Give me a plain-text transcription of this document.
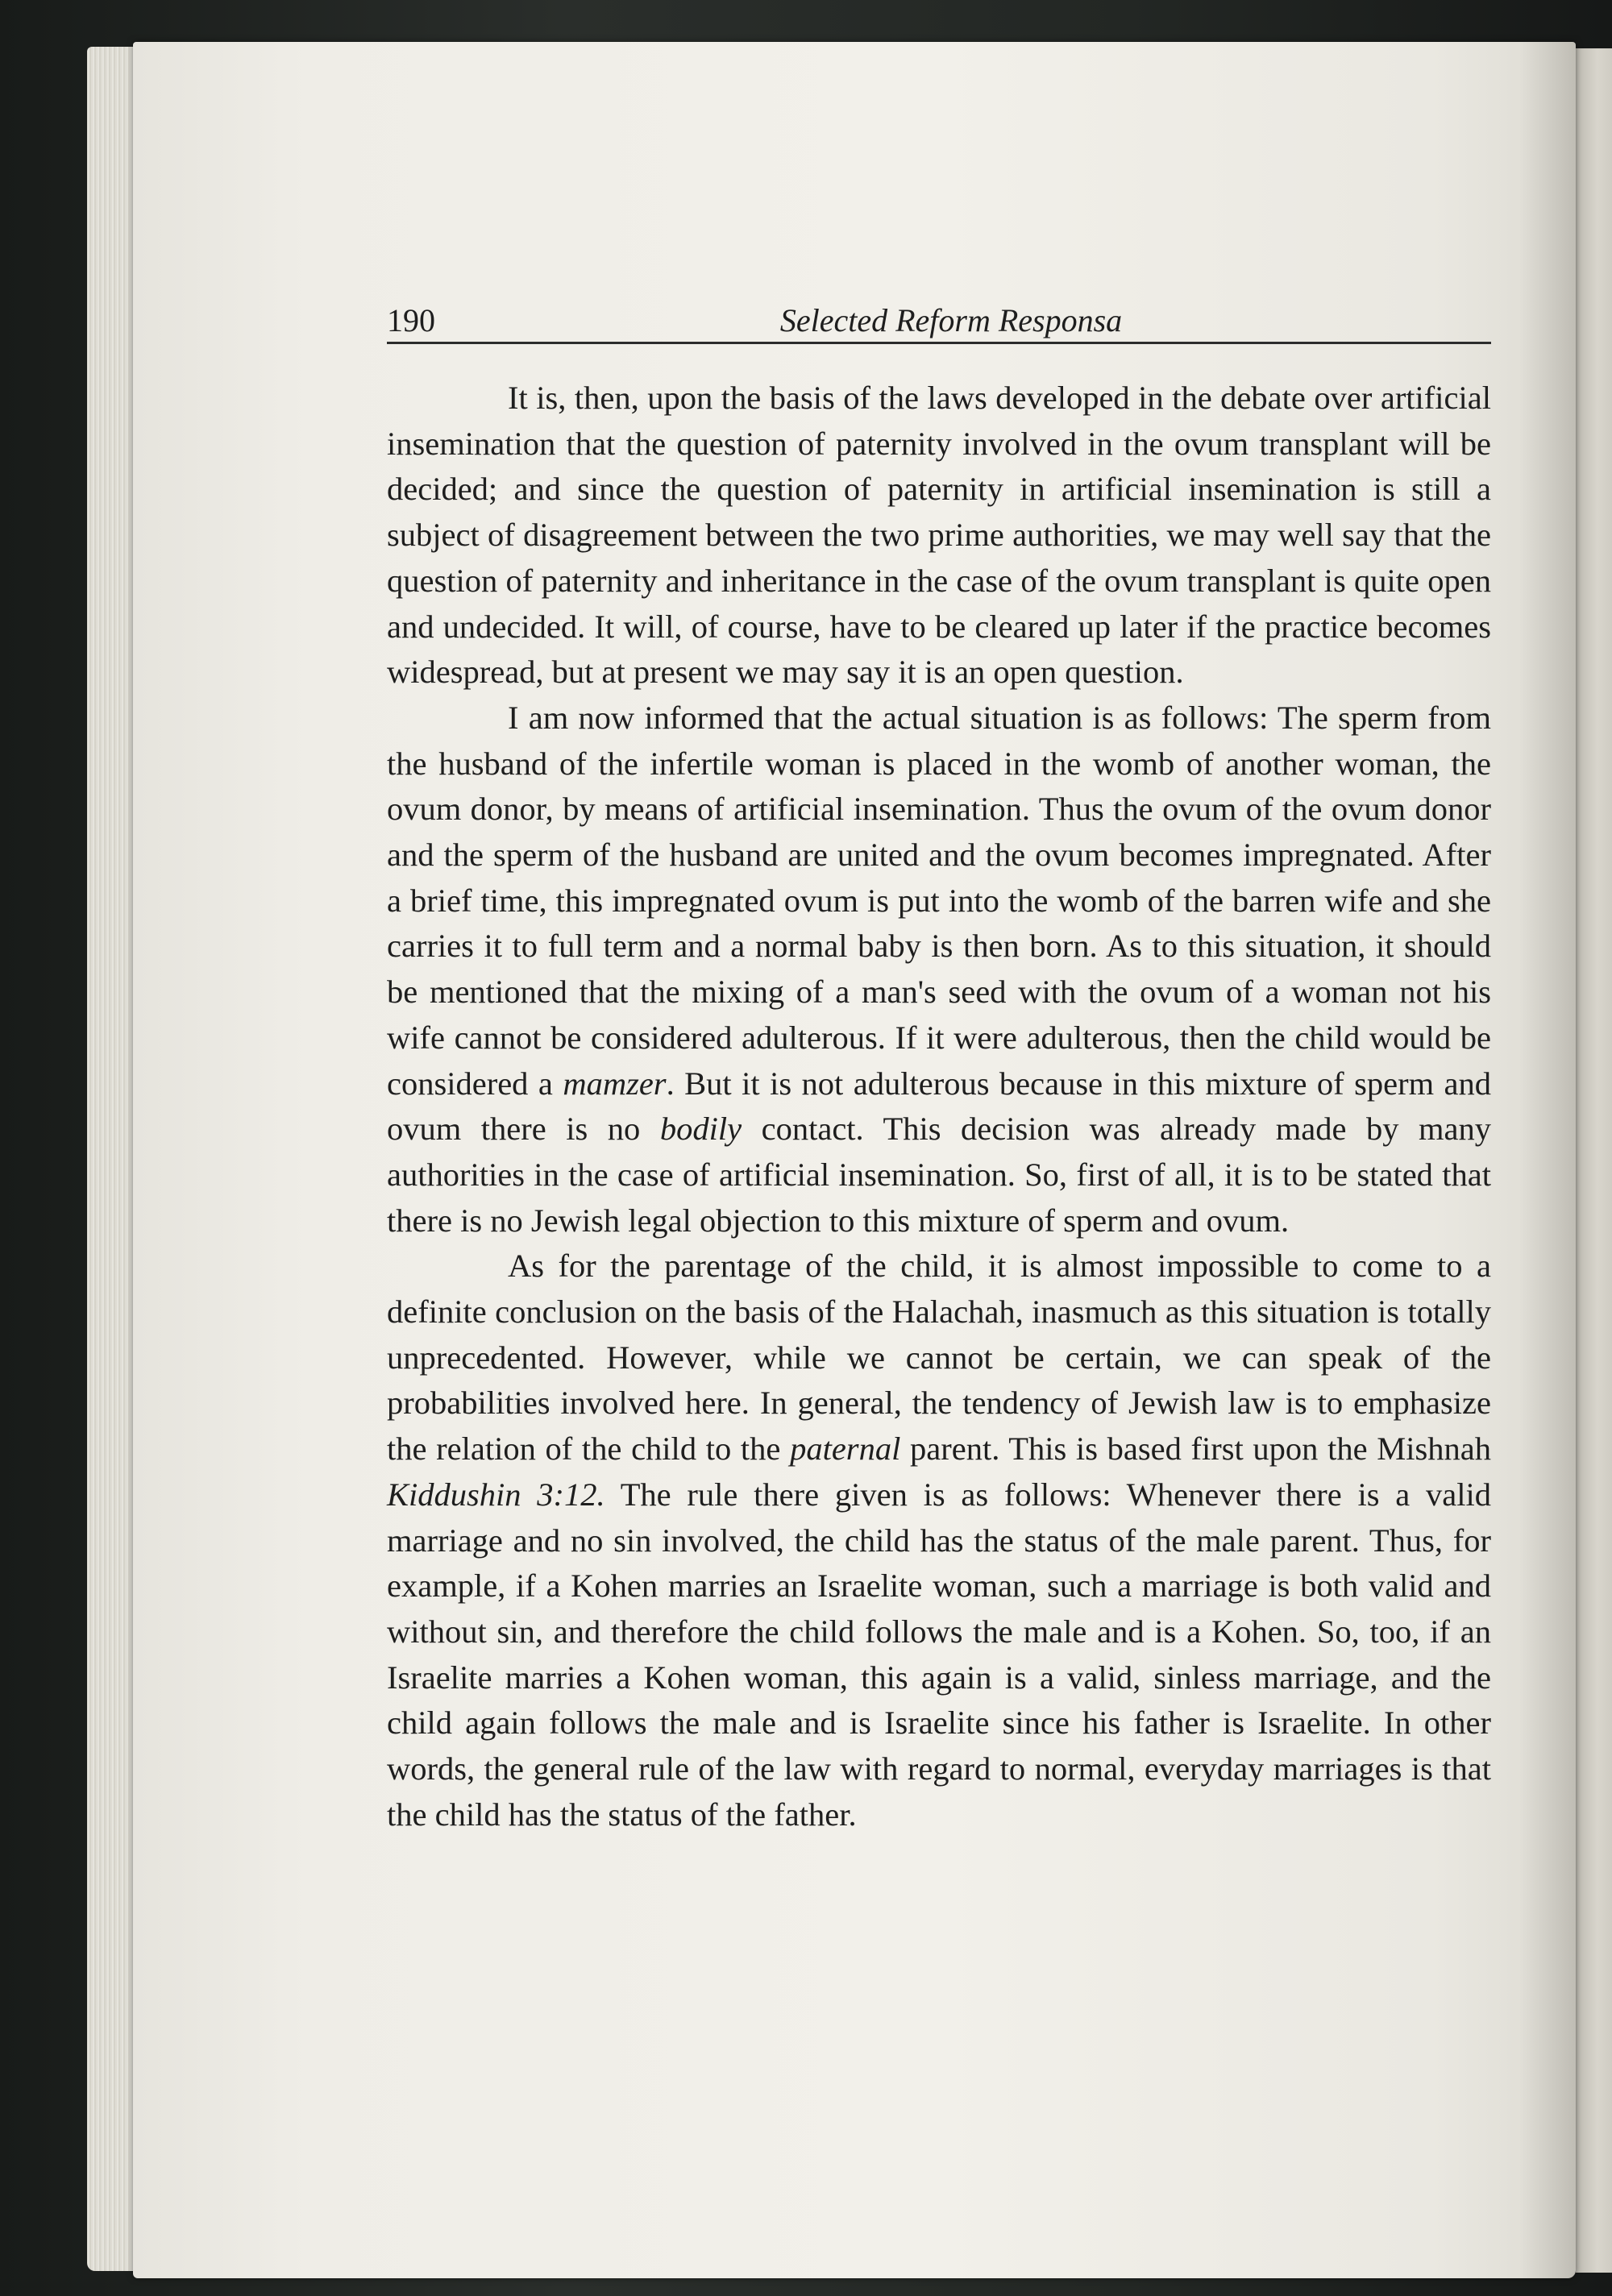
190	Selected Reform Responsa

It is, then, upon the basis of the laws developed in the debate over artificial insemination that the question of paternity involved in the ovum transplant will be decided; and since the question of paternity in artificial insemination is still a subject of disagreement between the two prime authorities, we may well say that the question of paternity and inheritance in the case of the ovum transplant is quite open and undecided. It will, of course, have to be cleared up later if the practice becomes widespread, but at present we may say it is an open question.

I am now informed that the actual situation is as follows: The sperm from the husband of the infertile woman is placed in the womb of another woman, the ovum donor, by means of artificial insemination. Thus the ovum of the ovum donor and the sperm of the husband are united and the ovum becomes impregnated. After a brief time, this impregnated ovum is put into the womb of the barren wife and she carries it to full term and a normal baby is then born. As to this situation, it should be mentioned that the mixing of a man's seed with the ovum of a woman not his wife cannot be considered adulterous. If it were adulterous, then the child would be considered a mamzer. But it is not adulterous because in this mixture of sperm and ovum there is no bodily contact. This decision was already made by many authorities in the case of artificial insemination. So, first of all, it is to be stated that there is no Jewish legal objection to this mixture of sperm and ovum.

As for the parentage of the child, it is almost impossible to come to a definite conclusion on the basis of the Halachah, inasmuch as this situation is totally unprecedented. However, while we cannot be certain, we can speak of the probabilities involved here. In general, the tendency of Jewish law is to emphasize the relation of the child to the paternal parent. This is based first upon the Mishnah Kiddushin 3:12. The rule there given is as follows: Whenever there is a valid marriage and no sin involved, the child has the status of the male parent. Thus, for example, if a Kohen marries an Israelite woman, such a marriage is both valid and without sin, and therefore the child follows the male and is a Kohen. So, too, if an Israelite marries a Kohen woman, this again is a valid, sinless marriage, and the child again follows the male and is Israelite since his father is Israelite. In other words, the general rule of the law with regard to normal, everyday marriages is that the child has the status of the father.
